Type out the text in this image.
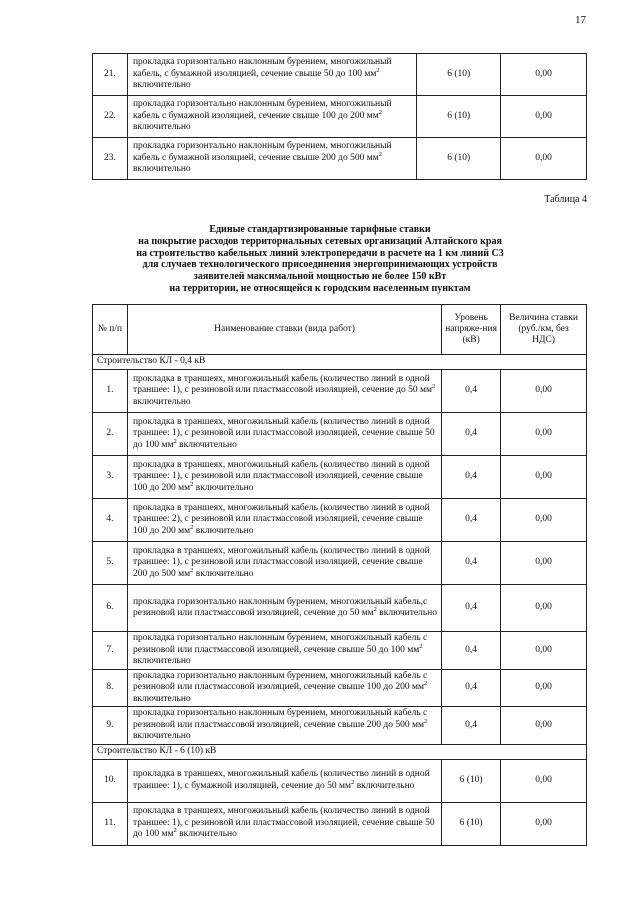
17
21.	прокладка горизонтально наклонным бурением, многожильный кабель, с бумажной изоляцией, сечение свыше 50 до 100 $мм^2$ включительно	6 (10)	0,00
22.	прокладка горизонтально наклонным бурением, многожильный кабель с бумажной изоляцией, сечение свыше 100 до 200 $мм^2$ включительно	6 (10)	0,00
23.	прокладка горизонтально наклонным бурением, многожильный кабель с бумажной изоляцией, сечение свыше 200 до 500 $мм^2$ включительно	6 (10)	0,00
Таблица 4
Единые стандартизированные тарифные ставки
на покрытие расходов территориальных сетевых организаций Алтайского края
на строительство кабельных линий электропередачи в расчете на 1 км линий С3
для случаев технологического присоединения энергопринимающих устройств
заявителей максимальной мощностью не более 150 кВт
на территории, не относящейся к городским населенным пунктам
№ п/п	Наименование ставки (вида работ)	Уровень напряже-ния (кВ)	Величина ставки (руб./км, без НДС)
Строительство КЛ - 0,4 кВ			
1.	прокладка в траншеях, многожильный кабель (количество линий в одной траншее: 1), с резиновой или пластмассовой изоляцией, сечение до 50 $мм^2$ включительно	0,4	0,00
2.	прокладка в траншеях, многожильный кабель (количество линий в одной траншее: 1), с резиновой или пластмассовой изоляцией, сечение свыше 50 до 100 $мм^2$ включительно	0,4	0,00
3.	прокладка в траншеях, многожильный кабель (количество линий в одной траншее: 1), с резиновой или пластмассовой изоляцией, сечение свыше 100 до 200 $мм^2$ включительно	0,4	0,00
4.	прокладка в траншеях, многожильный кабель (количество линий в одной траншее: 2), с резиновой или пластмассовой изоляцией, сечение свыше 100 до 200 $мм^2$ включительно	0,4	0,00
5.	прокладка в траншеях, многожильный кабель (количество линий в одной траншее: 1), с резиновой или пластмассовой изоляцией, сечение свыше 200 до 500 $мм^2$ включительно	0,4	0,00
6.	прокладка горизонтально наклонным бурением, многожильный кабель,с резиновой или пластмассовой изоляцией, сечение до 50 $мм^2$ включительно	0,4	0,00
7.	прокладка горизонтально наклонным бурением, многожильный кабель с резиновой или пластмассовой изоляцией, сечение свыше 50 до 100 $мм^2$ включительно	0,4	0,00
8.	прокладка горизонтально наклонным бурением, многожильный кабель с резиновой или пластмассовой изоляцией, сечение свыше 100 до 200 $мм^2$ включительно	0,4	0,00
9.	прокладка горизонтально наклонным бурением, многожильный кабель с резиновой или пластмассовой изоляцией, сечение свыше 200 до 500 $мм^2$ включительно	0,4	0,00
Строительство КЛ - 6 (10) кВ			
10.	прокладка в траншеях, многожильный кабель (количество линий в одной траншее: 1), с бумажной изоляцией, сечение до 50 $мм^2$ включительно	6 (10)	0,00
11.	прокладка в траншеях, многожильный кабель (количество линий в одной траншее: 1), с резиновой или пластмассовой изоляцией, сечение свыше 50 до 100 $мм^2$ включительно	6 (10)	0,00
